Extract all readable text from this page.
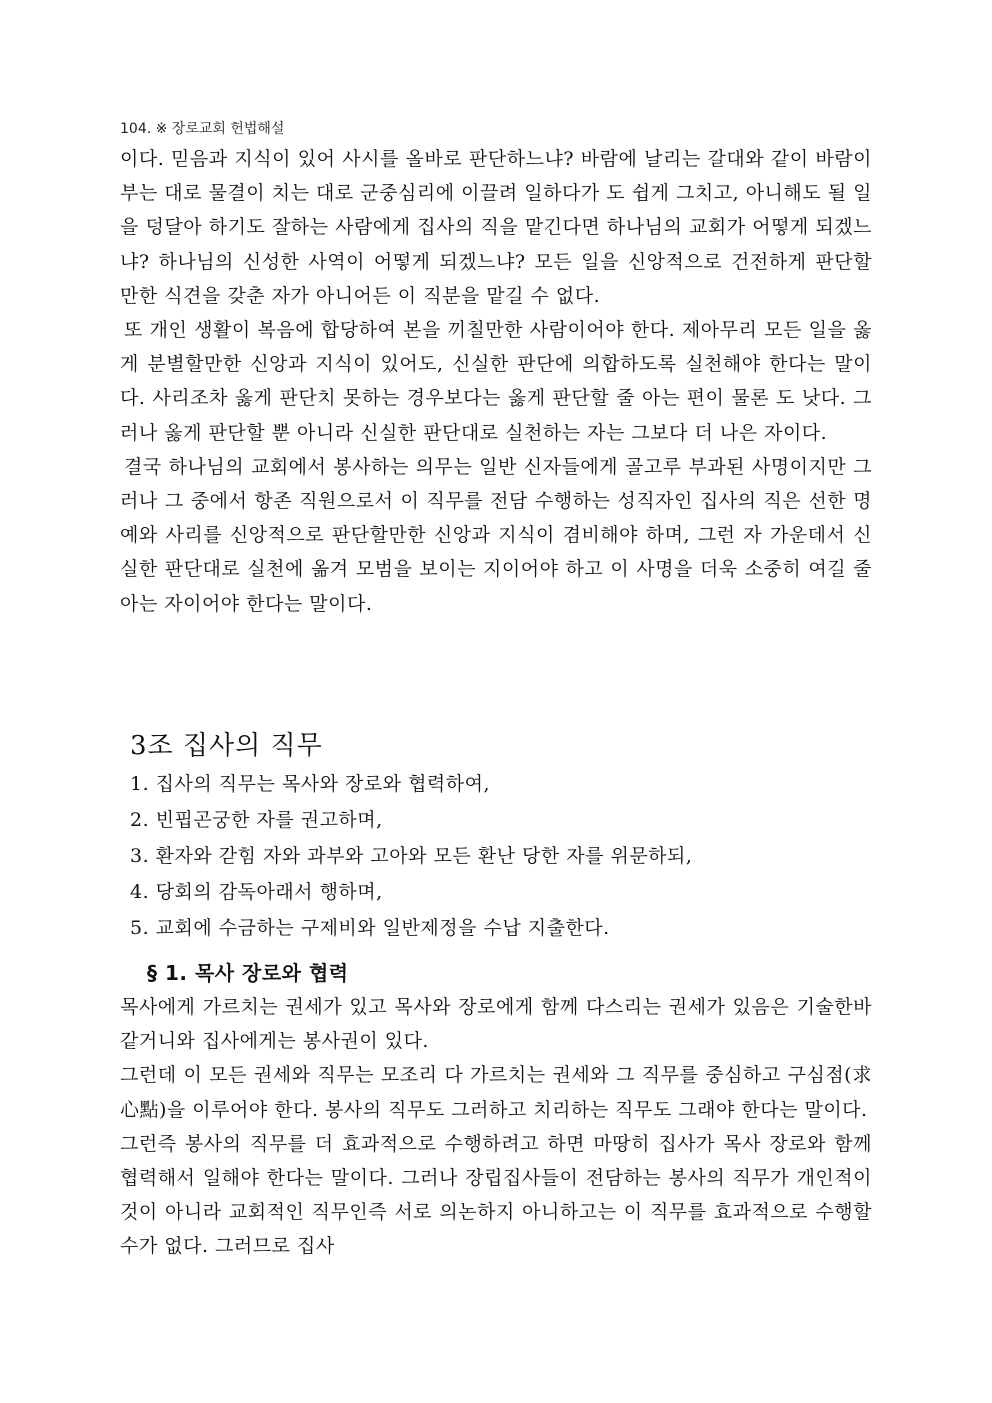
104. ※ 장로교회 헌법해설

이다. 믿음과 지식이 있어 사시를 올바로 판단하느냐? 바람에 날리는 갈대와 같이 바람이 부는 대로 물결이 치는 대로 군중심리에 이끌려 일하다가 도 쉽게 그치고, 아니해도 될 일을 덩달아 하기도 잘하는 사람에게 집사의 직을 맡긴다면 하나님의 교회가 어떻게 되겠느냐? 하나님의 신성한 사역이 어떻게 되겠느냐? 모든 일을 신앙적으로 건전하게 판단할 만한 식견을 갖춘 자가 아니어든 이 직분을 맡길 수 없다.

또 개인 생활이 복음에 합당하여 본을 끼칠만한 사람이어야 한다. 제아무리 모든 일을 옳게 분별할만한 신앙과 지식이 있어도, 신실한 판단에 의합하도록 실천해야 한다는 말이다. 사리조차 옳게 판단치 못하는 경우보다는 옳게 판단할 줄 아는 편이 물론 도 낫다. 그러나 옳게 판단할 뿐 아니라 신실한 판단대로 실천하는 자는 그보다 더 나은 자이다.

결국 하나님의 교회에서 봉사하는 의무는 일반 신자들에게 골고루 부과된 사명이지만 그러나 그 중에서 항존 직원으로서 이 직무를 전담 수행하는 성직자인 집사의 직은 선한 명예와 사리를 신앙적으로 판단할만한 신앙과 지식이 겸비해야 하며, 그런 자 가운데서 신실한 판단대로 실천에 옮겨 모범을 보이는 지이어야 하고 이 사명을 더욱 소중히 여길 줄 아는 자이어야 한다는 말이다.

3조 집사의 직무
1. 집사의 직무는 목사와 장로와 협력하여,
2. 빈핍곤궁한 자를 권고하며,
3. 환자와 갇힘 자와 과부와 고아와 모든 환난 당한 자를 위문하되,
4. 당회의 감독아래서 행하며,
5. 교회에 수금하는 구제비와 일반제정을 수납 지출한다.
§ 1. 목사 장로와 협력

목사에게 가르치는 권세가 있고 목사와 장로에게 함께 다스리는 권세가 있음은 기술한바 같거니와 집사에게는 봉사권이 있다.

그런데 이 모든 권세와 직무는 모조리 다 가르치는 권세와 그 직무를 중심하고 구심점(求心點)을 이루어야 한다. 봉사의 직무도 그러하고 치리하는 직무도 그래야 한다는 말이다.

그런즉 봉사의 직무를 더 효과적으로 수행하려고 하면 마땅히 집사가 목사 장로와 함께 협력해서 일해야 한다는 말이다. 그러나 장립집사들이 전담하는 봉사의 직무가 개인적이 것이 아니라 교회적인 직무인즉 서로 의논하지 아니하고는 이 직무를 효과적으로 수행할 수가 없다. 그러므로 집사
